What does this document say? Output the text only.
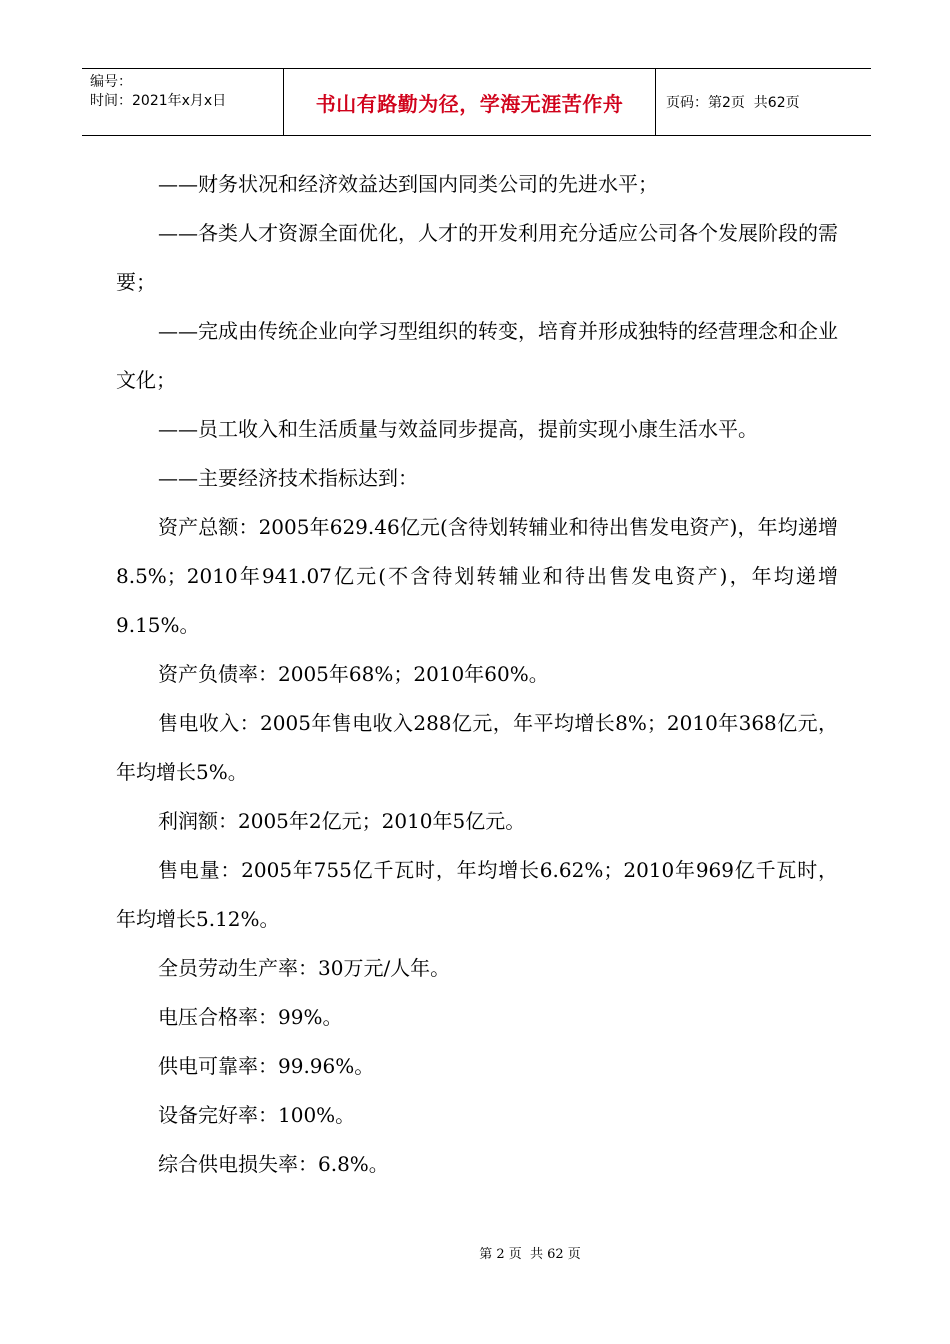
编号：
时间：2021年x月x日	书山有路勤为径，学海无涯苦作舟	页码：第2页  共62页

——财务状况和经济效益达到国内同类公司的先进水平；

——各类人才资源全面优化，人才的开发利用充分适应公司各个发展阶段的需要；

——完成由传统企业向学习型组织的转变，培育并形成独特的经营理念和企业文化；

——员工收入和生活质量与效益同步提高，提前实现小康生活水平。

——主要经济技术指标达到：

资产总额：2005年629.46亿元(含待划转辅业和待出售发电资产)，年均递增8.5%；2010年941.07亿元(不含待划转辅业和待出售发电资产)，年均递增9.15%。

资产负债率：2005年68%；2010年60%。

售电收入：2005年售电收入288亿元，年平均增长8%；2010年368亿元，年均增长5%。

利润额：2005年2亿元；2010年5亿元。

售电量：2005年755亿千瓦时，年均增长6.62%；2010年969亿千瓦时，年均增长5.12%。

全员劳动生产率：30万元/人年。

电压合格率：99%。

供电可靠率：99.96%。

设备完好率：100%。

综合供电损失率：6.8%。

第 2 页  共 62 页
